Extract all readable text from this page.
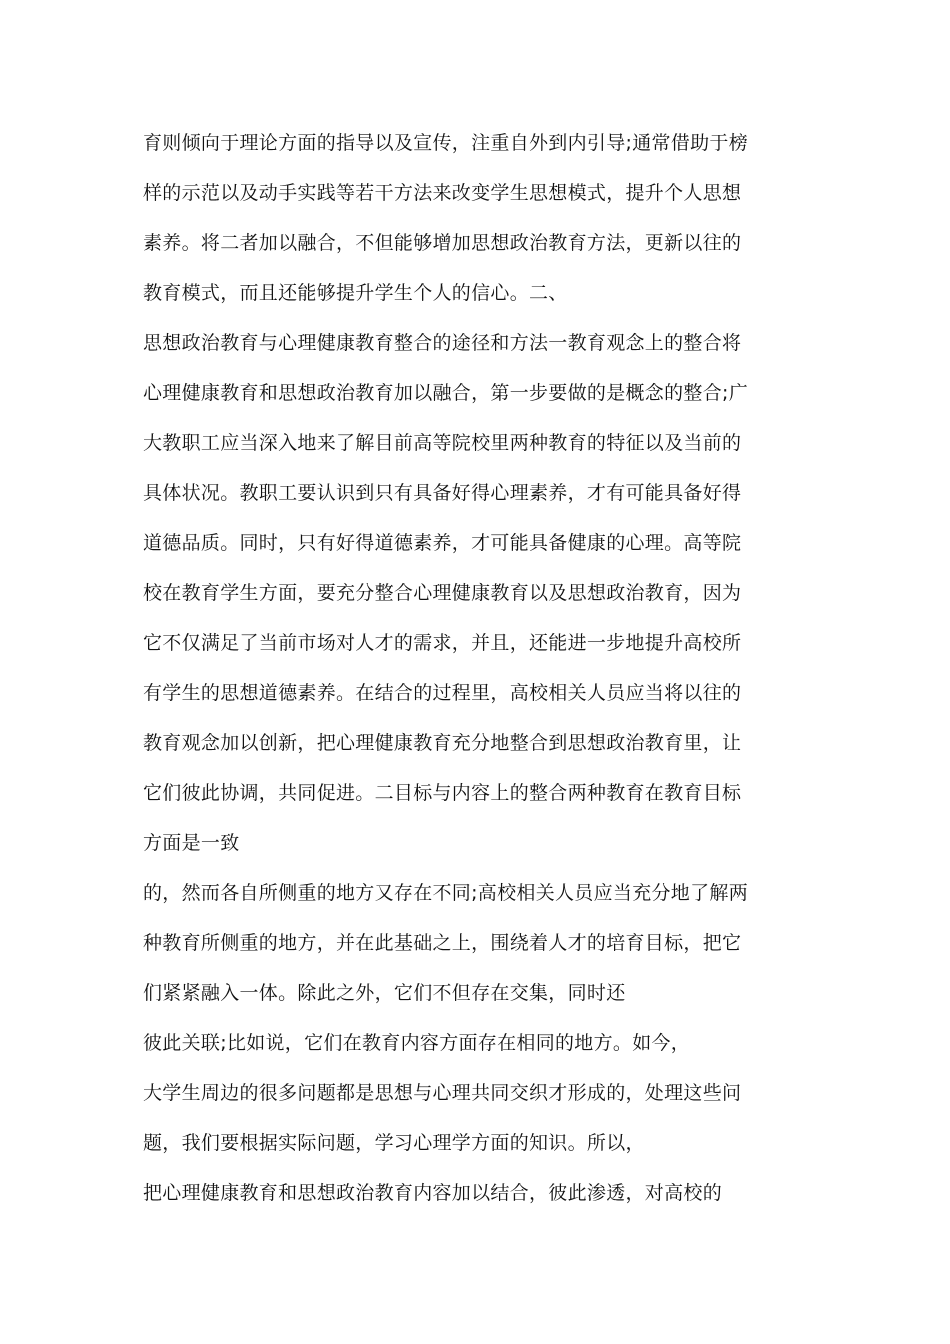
育则倾向于理论方面的指导以及宣传，注重自外到内引导;通常借助于榜
样的示范以及动手实践等若干方法来改变学生思想模式，提升个人思想
素养。将二者加以融合，不但能够增加思想政治教育方法，更新以往的
教育模式，而且还能够提升学生个人的信心。二、
思想政治教育与心理健康教育整合的途径和方法一教育观念上的整合将
心理健康教育和思想政治教育加以融合，第一步要做的是概念的整合;广
大教职工应当深入地来了解目前高等院校里两种教育的特征以及当前的
具体状况。教职工要认识到只有具备好得心理素养，才有可能具备好得
道德品质。同时，只有好得道德素养，才可能具备健康的心理。高等院
校在教育学生方面，要充分整合心理健康教育以及思想政治教育，因为
它不仅满足了当前市场对人才的需求，并且，还能进一步地提升高校所
有学生的思想道德素养。在结合的过程里，高校相关人员应当将以往的
教育观念加以创新，把心理健康教育充分地整合到思想政治教育里，让
它们彼此协调，共同促进。二目标与内容上的整合两种教育在教育目标
方面是一致
的，然而各自所侧重的地方又存在不同;高校相关人员应当充分地了解两
种教育所侧重的地方，并在此基础之上，围绕着人才的培育目标，把它
们紧紧融入一体。除此之外，它们不但存在交集，同时还
彼此关联;比如说，它们在教育内容方面存在相同的地方。如今，
大学生周边的很多问题都是思想与心理共同交织才形成的，处理这些问
题，我们要根据实际问题，学习心理学方面的知识。所以，
把心理健康教育和思想政治教育内容加以结合，彼此渗透，对高校的
